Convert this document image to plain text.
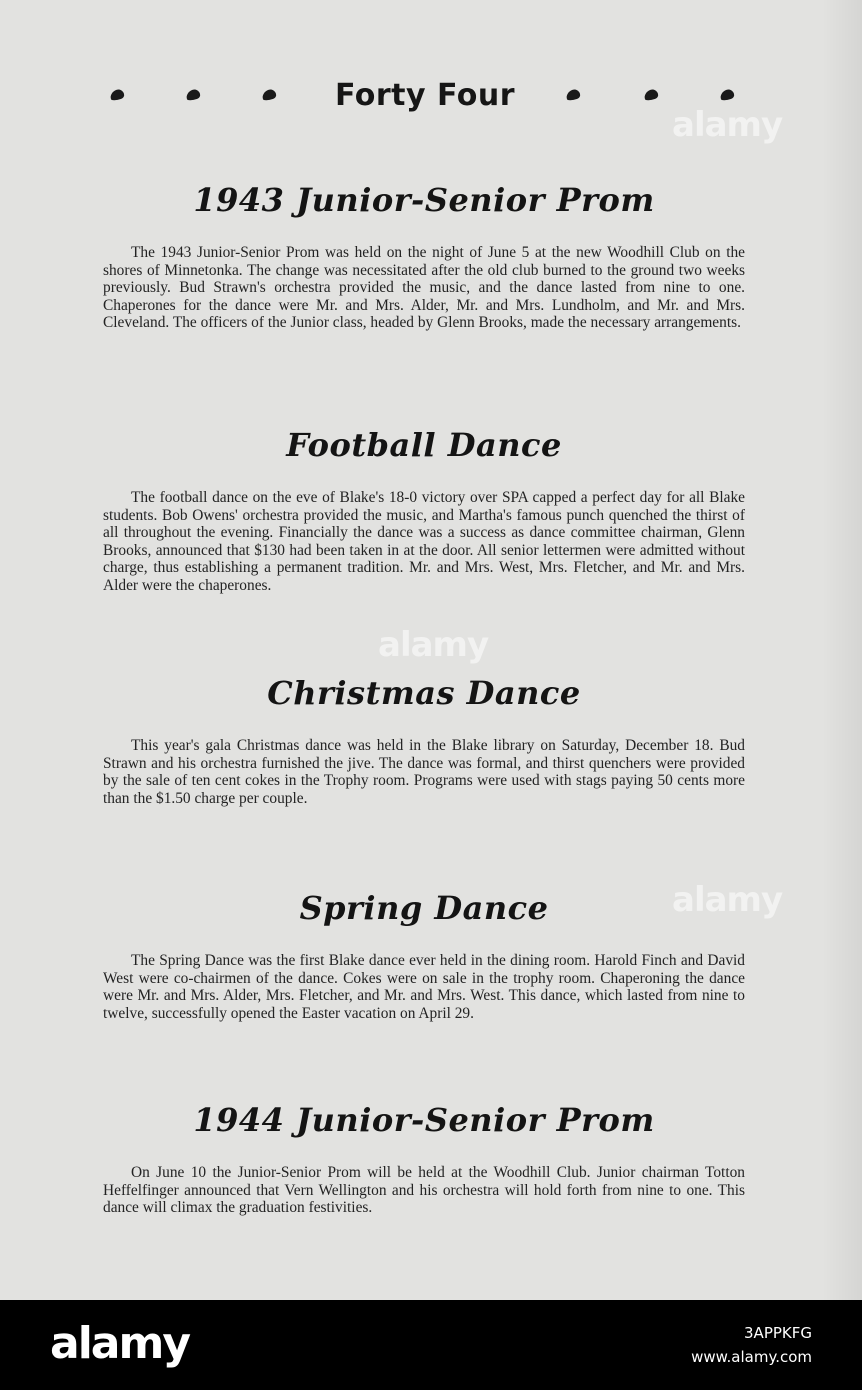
Forty Four
1943 Junior-Senior Prom

The 1943 Junior-Senior Prom was held on the night of June 5 at the new Woodhill Club on the shores of Minnetonka. The change was necessitated after the old club burned to the ground two weeks previously. Bud Strawn's orchestra provided the music, and the dance lasted from nine to one. Chaperones for the dance were Mr. and Mrs. Alder, Mr. and Mrs. Lundholm, and Mr. and Mrs. Cleveland. The officers of the Junior class, headed by Glenn Brooks, made the necessary arrangements.

Football Dance

The football dance on the eve of Blake's 18-0 victory over SPA capped a perfect day for all Blake students. Bob Owens' orchestra provided the music, and Martha's famous punch quenched the thirst of all throughout the evening. Financially the dance was a success as dance committee chairman, Glenn Brooks, announced that $130 had been taken in at the door. All senior lettermen were admitted without charge, thus establishing a permanent tradition. Mr. and Mrs. West, Mrs. Fletcher, and Mr. and Mrs. Alder were the chaperones.

Christmas Dance

This year's gala Christmas dance was held in the Blake library on Saturday, December 18. Bud Strawn and his orchestra furnished the jive. The dance was formal, and thirst quenchers were provided by the sale of ten cent cokes in the Trophy room. Programs were used with stags paying 50 cents more than the $1.50 charge per couple.

Spring Dance

The Spring Dance was the first Blake dance ever held in the dining room. Harold Finch and David West were co-chairmen of the dance. Cokes were on sale in the trophy room. Chaperoning the dance were Mr. and Mrs. Alder, Mrs. Fletcher, and Mr. and Mrs. West. This dance, which lasted from nine to twelve, successfully opened the Easter vacation on April 29.

1944 Junior-Senior Prom

On June 10 the Junior-Senior Prom will be held at the Woodhill Club. Junior chairman Totton Heffelfinger announced that Vern Wellington and his orchestra will hold forth from nine to one. This dance will climax the graduation festivities.

alamy
alamy
alamy
alamy	3APPKFG
www.alamy.com
